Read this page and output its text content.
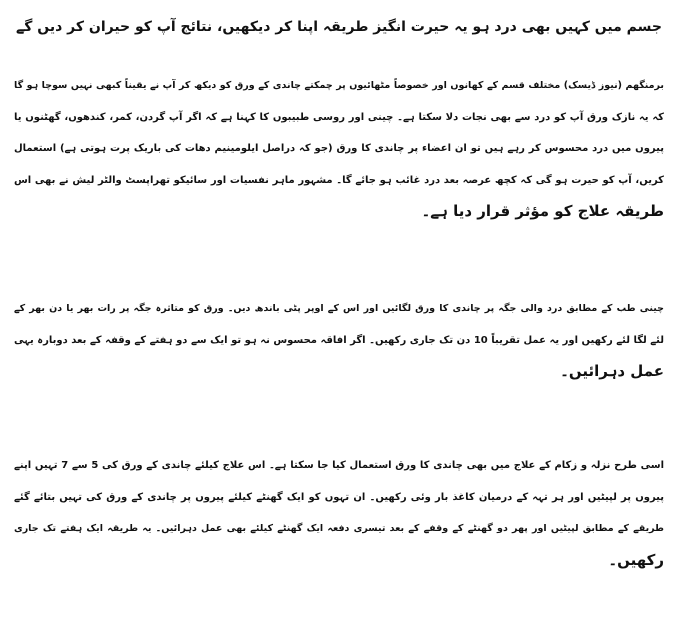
جسم میں کہیں بھی درد ہو یہ حیرت انگیز طریقہ اپنا کر دیکھیں، نتائج آپ کو حیران کر دیں گے
برمنگھم (نیوز ڈیسک) مختلف قسم کے کھانوں اور خصوصاً مٹھائیوں پر چمکتے چاندی کے ورق کو دیکھ کر آپ نے یقیناً کبھی نہیں سوچا ہو گا
کہ یہ نازک ورق آپ کو درد سے بھی نجات دلا سکتا ہے۔ چینی اور روسی طبیبوں کا کہنا ہے کہ اگر آپ گردن، کمر، کندھوں، گھٹنوں یا
پیروں میں درد محسوس کر رہے ہیں تو ان اعضاء پر چاندی کا ورق (جو کہ دراصل ایلومینیم دھات کی باریک پرت ہوتی ہے) استعمال
کریں، آپ کو حیرت ہو گی کہ کچھ عرصہ بعد درد غائب ہو جائے گا۔ مشہور ماہر نفسیات اور سائیکو تھراپسٹ والٹر لیش نے بھی اس
طریقہ علاج کو مؤثر قرار دیا ہے۔
چینی طب کے مطابق درد والی جگہ پر چاندی کا ورق لگائیں اور اس کے اوپر پٹی باندھ دیں۔ ورق کو متاثرہ جگہ پر رات بھر یا دن بھر کے
لئے لگا لئے رکھیں اور یہ عمل تقریباً 10 دن تک جاری رکھیں۔ اگر افاقہ محسوس نہ ہو تو ایک سے دو ہفتے کے وقفہ کے بعد دوبارہ یہی
عمل دہرائیں۔
اسی طرح نزلہ و زکام کے علاج میں بھی چاندی کا ورق استعمال کیا جا سکتا ہے۔ اس علاج کیلئے چاندی کے ورق کی 5 سے 7 تہیں اپنے
پیروں پر لپیٹیں اور ہر تہہ کے درمیان کاغذ بار وئی رکھیں۔ ان تہوں کو ایک گھنٹے کیلئے پیروں پر چاندی کے ورق کی تہیں بتائے گئے
طریقے کے مطابق لپیٹیں اور پھر دو گھنٹے کے وقفے کے بعد تیسری دفعہ ایک گھنٹے کیلئے بھی عمل دہرائیں۔ یہ طریقہ ایک ہفتے تک جاری
رکھیں۔
